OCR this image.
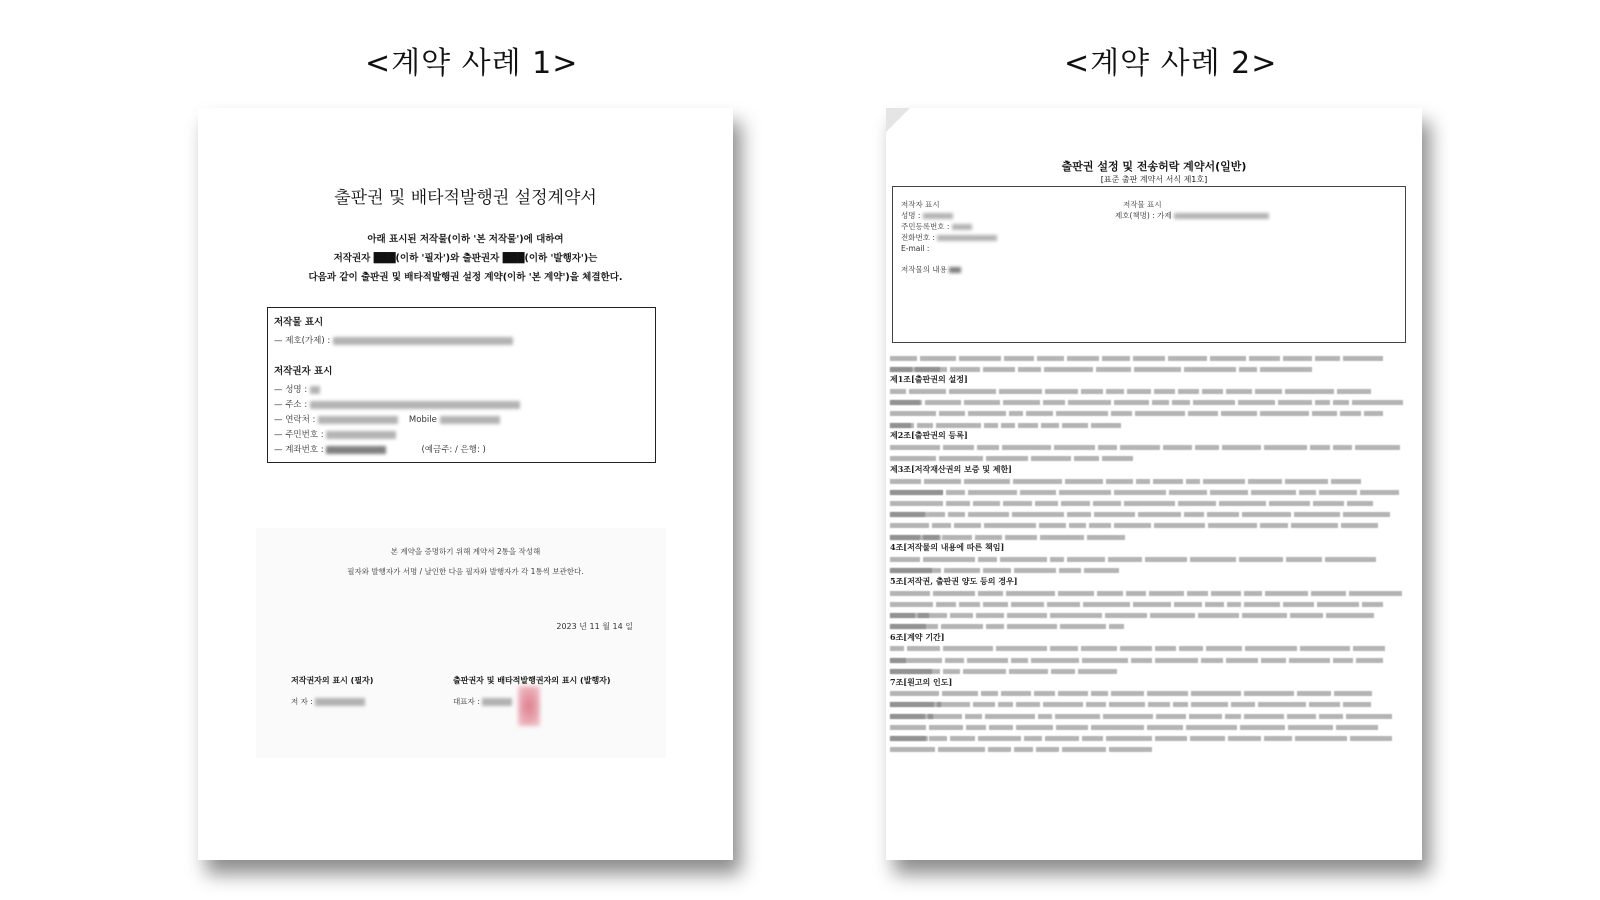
<계약 사례 1>	<계약 사례 2>
출판권 및 배타적발행권 설정계약서
아래 표시된 저작물(이하 '본 저작물')에 대하여
저작권자 ███(이하 '필자')와 출판권자 ███(이하 '발행자')는
다음과 같이 출판권 및 배타적발행권 설정 계약(이하 '본 계약')을 체결한다.
저작물 표시
— 제호(가제) :
저작권자 표시
— 성명 :
— 주소 :
— 연락처 :	Mobile
— 주민번호 :
— 계좌번호 :	(예금주: / 은행: )
본 계약을 증명하기 위해 계약서 2통을 작성해
필자와 발행자가 서명 / 날인한 다음 필자와 발행자가 각 1통씩 보관한다.
2023 년 11 월 14 일
저작권자의 표시 (필자)
저 자 :
출판권자 및 배타적발행권자의 표시 (발행자)
대표자 :
출판권 설정 및 전송허락 계약서(일반)
[표준 출판 계약서 서식 제1호]
저작자 표시
성명 :
주민등록번호 :
전화번호 :
E-mail :
저작물의 내용
저작물 표시
제호(책명) : 가제
제1조[출판권의 설정]
제2조[출판권의 등록]
제3조[저작재산권의 보증 및 제한]
4조[저작물의 내용에 따른 책임]
5조[저작권, 출판권 양도 등의 경우]
6조[계약 기간]
7조[원고의 인도]
